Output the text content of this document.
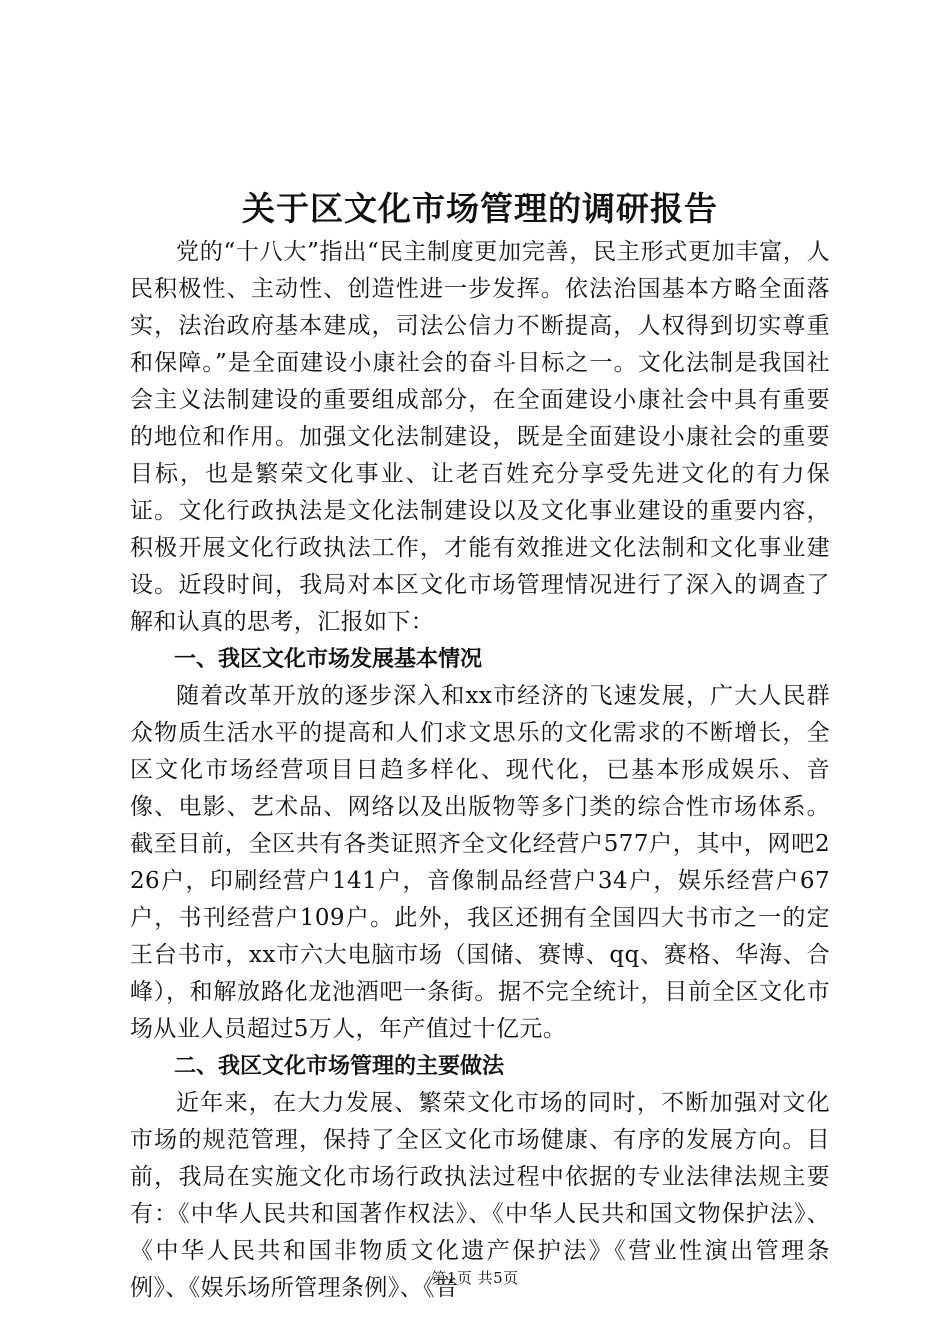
关于区文化市场管理的调研报告

党的“十八大”指出“民主制度更加完善，民主形式更加丰富，人民积极性、主动性、创造性进一步发挥。依法治国基本方略全面落实，法治政府基本建成，司法公信力不断提高，人权得到切实尊重和保障。”是全面建设小康社会的奋斗目标之一。文化法制是我国社会主义法制建设的重要组成部分，在全面建设小康社会中具有重要的地位和作用。加强文化法制建设，既是全面建设小康社会的重要目标，也是繁荣文化事业、让老百姓充分享受先进文化的有力保证。文化行政执法是文化法制建设以及文化事业建设的重要内容，积极开展文化行政执法工作，才能有效推进文化法制和文化事业建设。近段时间，我局对本区文化市场管理情况进行了深入的调查了解和认真的思考，汇报如下：

一、我区文化市场发展基本情况

随着改革开放的逐步深入和xx市经济的飞速发展，广大人民群众物质生活水平的提高和人们求文思乐的文化需求的不断增长，全区文化市场经营项目日趋多样化、现代化，已基本形成娱乐、音像、电影、艺术品、网络以及出版物等多门类的综合性市场体系。截至目前，全区共有各类证照齐全文化经营户577户，其中，网吧226户，印刷经营户141户，音像制品经营户34户，娱乐经营户67户，书刊经营户109户。此外，我区还拥有全国四大书市之一的定王台书市，xx市六大电脑市场（国储、赛博、qq、赛格、华海、合峰），和解放路化龙池酒吧一条街。据不完全统计，目前全区文化市场从业人员超过5万人，年产值过十亿元。

二、我区文化市场管理的主要做法

近年来，在大力发展、繁荣文化市场的同时，不断加强对文化市场的规范管理，保持了全区文化市场健康、有序的发展方向。目前，我局在实施文化市场行政执法过程中依据的专业法律法规主要有：《中华人民共和国著作权法》、《中华人民共和国文物保护法》、《中华人民共和国非物质文化遗产保护法》《营业性演出管理条例》、《娱乐场所管理条例》、《音

第1页 共5页
